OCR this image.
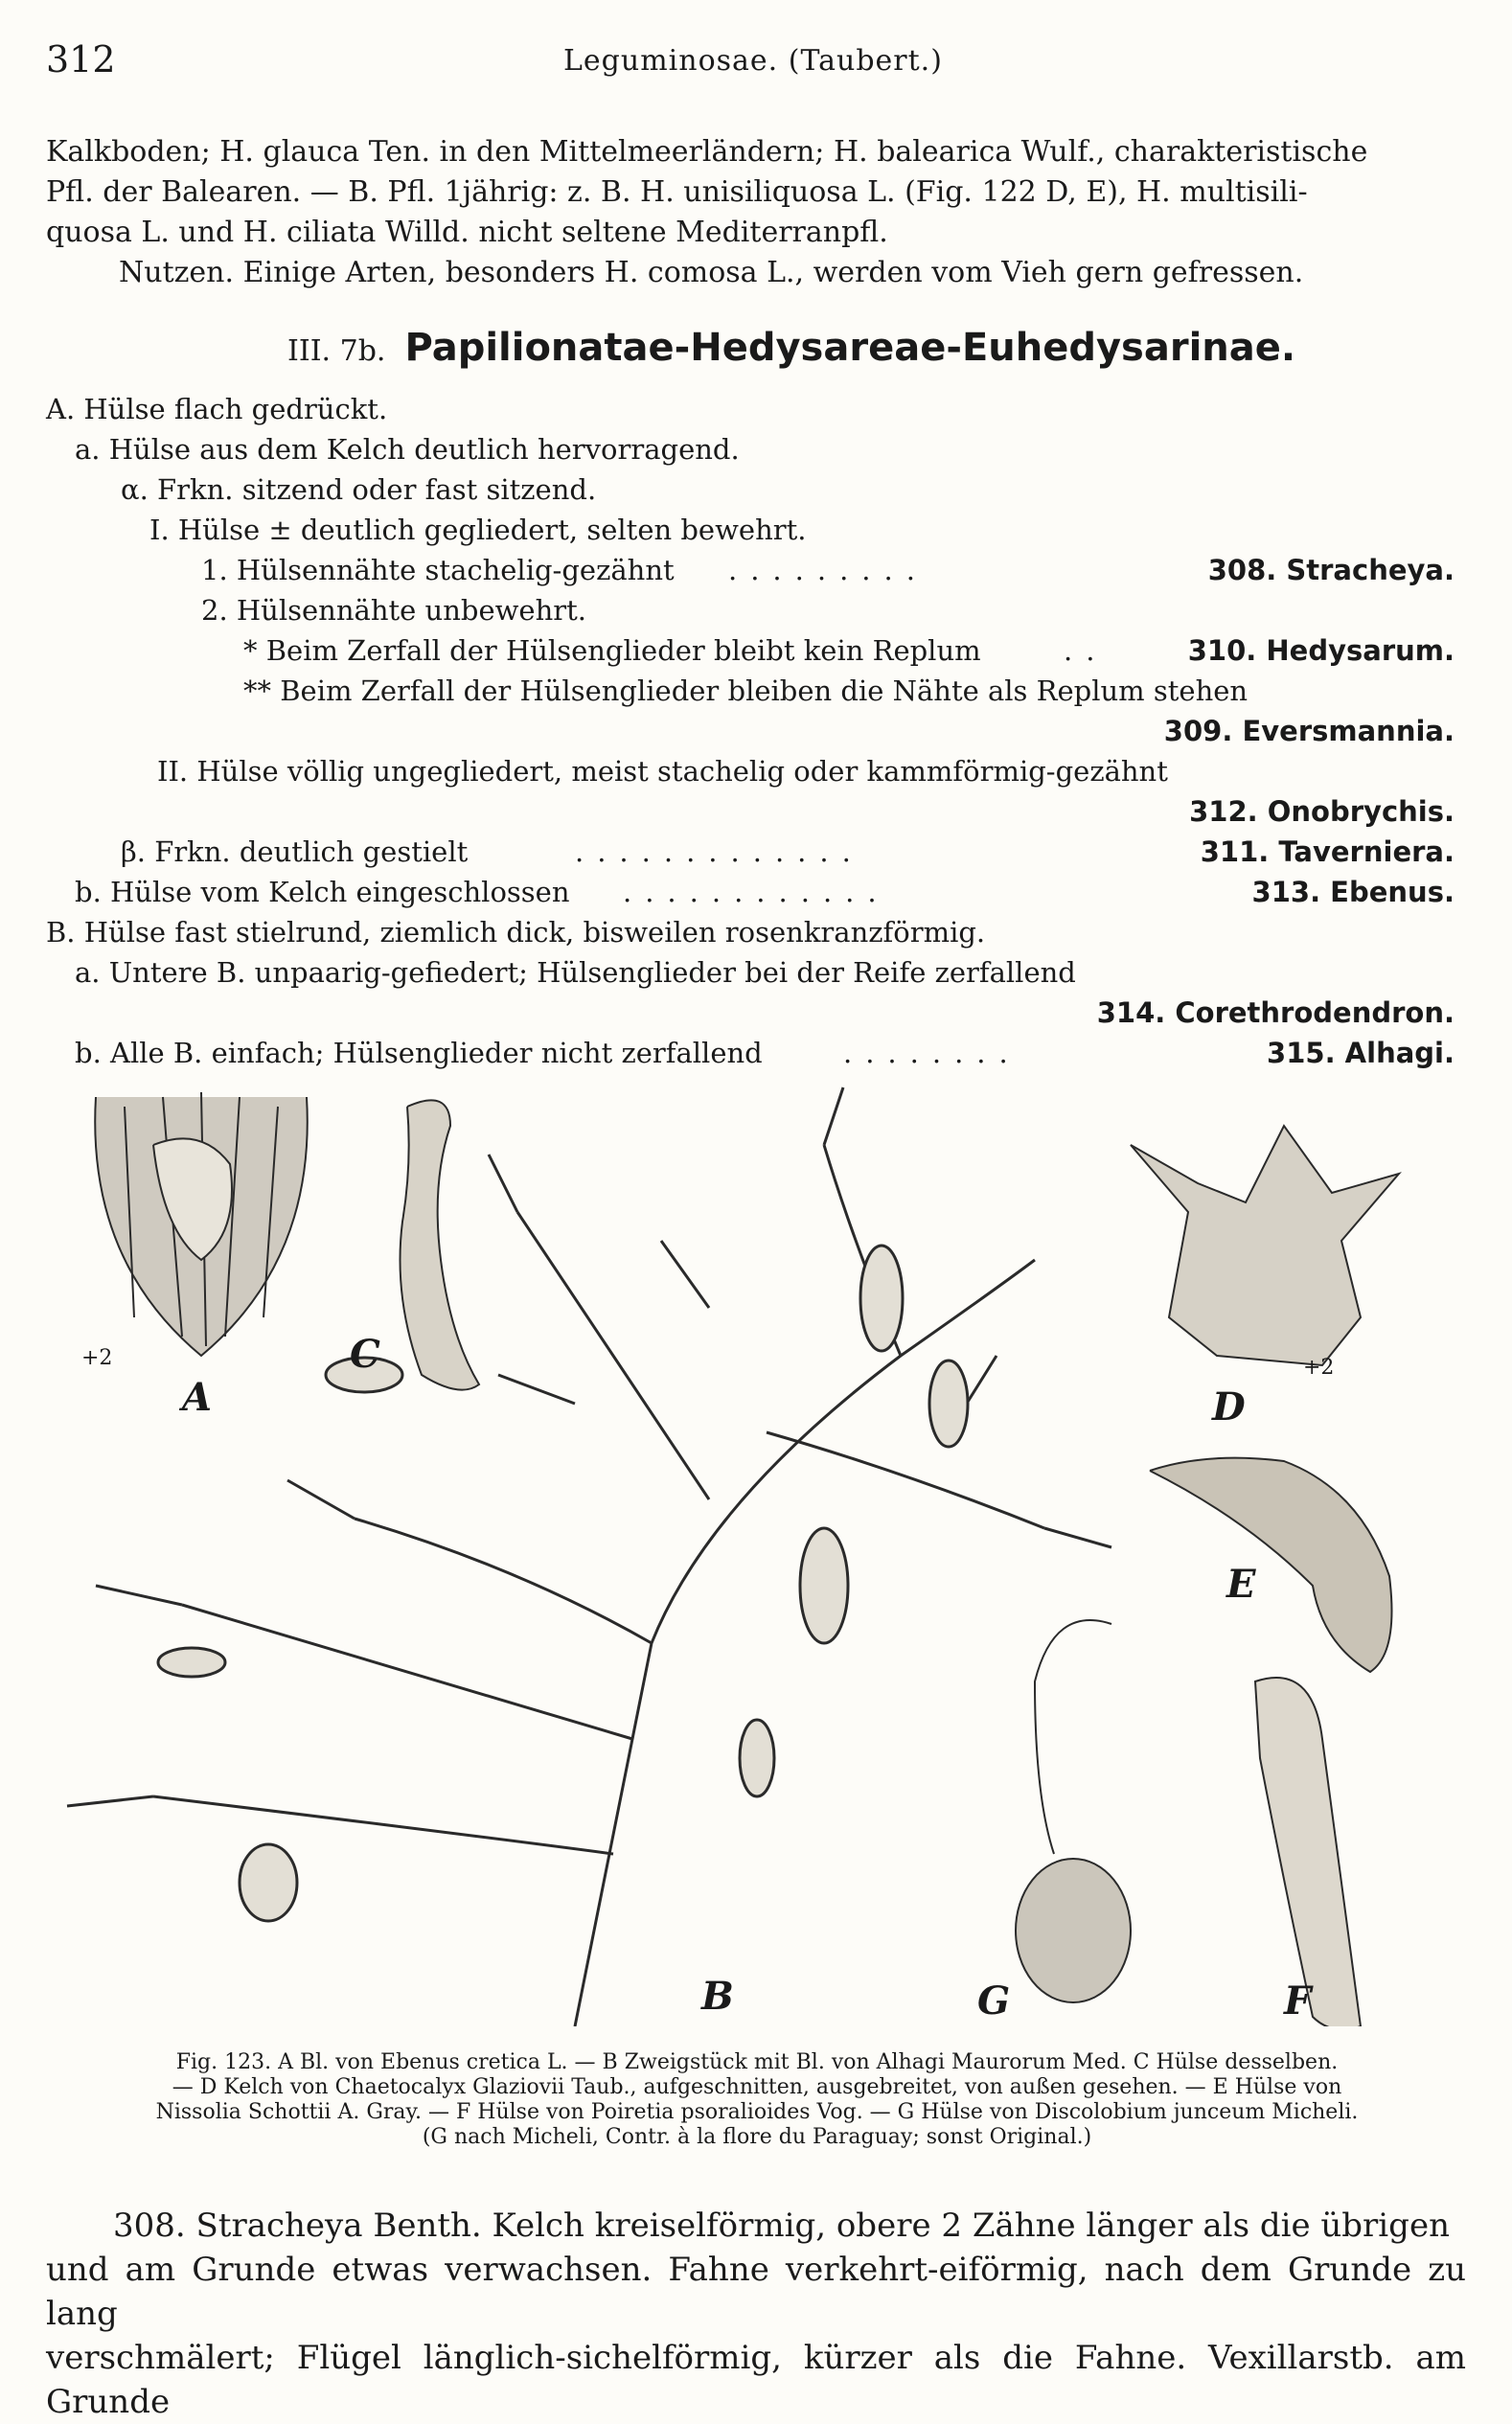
312	Leguminosae. (Taubert.)
Kalkboden; H. glauca Ten. in den Mittelmeerländern; H. balearica Wulf., charakteristische
Pfl. der Balearen. — B. Pfl. 1jährig: z. B. H. unisiliquosa L. (Fig. 122 D, E), H. multisili-
quosa L. und H. ciliata Willd. nicht seltene Mediterranpfl.
Nutzen. Einige Arten, besonders H. comosa L., werden vom Vieh gern gefressen.
III. 7b. Papilionatae-Hedysareae-Euhedysarinae.
A. Hülse flach gedrückt.
a. Hülse aus dem Kelch deutlich hervorragend.
α. Frkn. sitzend oder fast sitzend.
I. Hülse ± deutlich gegliedert, selten bewehrt.
1. Hülsennähte stachelig-gezähnt .........	308. Stracheya.
2. Hülsennähte unbewehrt.
* Beim Zerfall der Hülsenglieder bleibt kein Replum	..	310. Hedysarum.
** Beim Zerfall der Hülsenglieder bleiben die Nähte als Replum stehen
309. Eversmannia.
II. Hülse völlig ungegliedert, meist stachelig oder kammförmig-gezähnt
312. Onobrychis.
β. Frkn. deutlich gestielt	.............	311. Taverniera.
b. Hülse vom Kelch eingeschlossen ............	313. Ebenus.
B. Hülse fast stielrund, ziemlich dick, bisweilen rosenkranzförmig.
a. Untere B. unpaarig-gefiedert; Hülsenglieder bei der Reife zerfallend
314. Corethrodendron.
b. Alle B. einfach; Hülsenglieder nicht zerfallend	........	315. Alhagi.
A
+2
B
C
D
+2
E
F
G
Fig. 123. A Bl. von Ebenus cretica L. — B Zweigstück mit Bl. von Alhagi Maurorum Med. C Hülse desselben.
— D Kelch von Chaetocalyx Glaziovii Taub., aufgeschnitten, ausgebreitet, von außen gesehen. — E Hülse von
Nissolia Schottii A. Gray. — F Hülse von Poiretia psoralioides Vog. — G Hülse von Discolobium junceum Micheli.
(G nach Micheli, Contr. à la flore du Paraguay; sonst Original.)
308. Stracheya Benth. Kelch kreiselförmig, obere 2 Zähne länger als die übrigen
und am Grunde etwas verwachsen. Fahne verkehrt-eiförmig, nach dem Grunde zu lang
verschmälert; Flügel länglich-sichelförmig, kürzer als die Fahne. Vexillarstb. am Grunde
